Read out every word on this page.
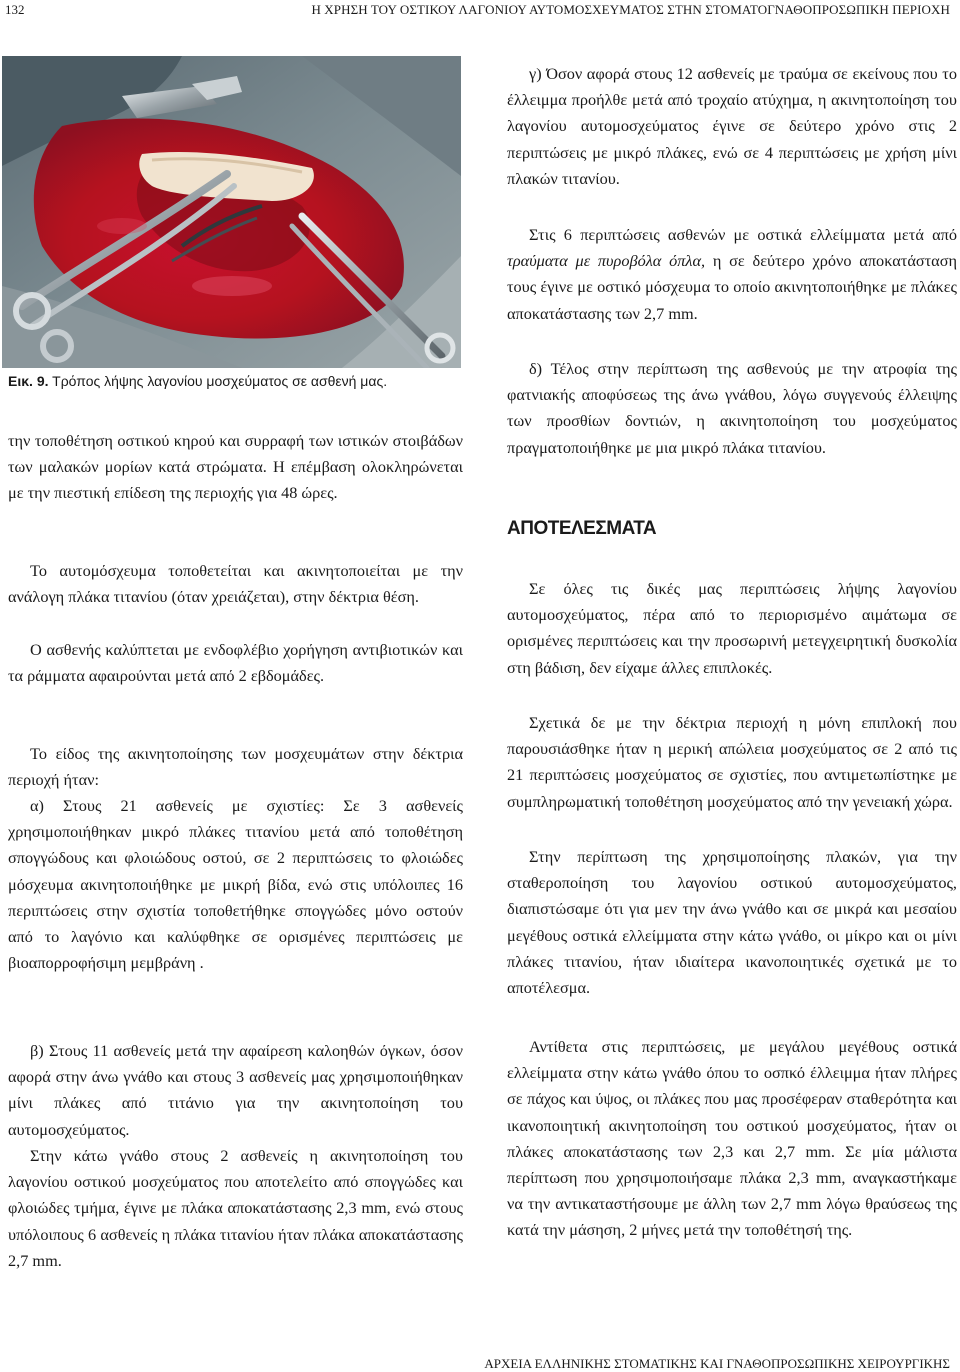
132	Η ΧΡΗΣΗ ΤΟΥ ΟΣΤΙΚΟΥ ΛΑΓΟΝΙΟΥ ΑΥΤΟΜΟΣΧΕΥΜΑΤΟΣ ΣΤΗΝ ΣΤΟΜΑΤΟΓΝΑΘΟΠΡΟΣΩΠΙΚΗ ΠΕΡΙΟΧΗ
Εικ. 9. Τρόπος λήψης λαγονίου μοσχεύματος σε ασθενή μας.

την τοποθέτηση οστικού κηρού και συρραφή των ιστικών στοιβάδων των μαλακών μορίων κατά στρώματα. Η επέμβαση ολοκληρώνεται με την πιεστική επίδεση της περιοχής για 48 ώρες.

Το αυτομόσχευμα τοποθετείται και ακινητοποιείται με την ανάλογη πλάκα τιτανίου (όταν χρειάζεται), στην δέκτρια θέση.

Ο ασθενής καλύπτεται με ενδοφλέβιο χορήγηση αντιβιοτικών και τα ράμματα αφαιρούνται μετά από 2 εβδομάδες.

Το είδος της ακινητοποίησης των μοσχευμάτων στην δέκτρια περιοχή ήταν:

α) Στους 21 ασθενείς με σχιστίες: Σε 3 ασθενείς χρησιμοποιήθηκαν μικρό πλάκες τιτανίου μετά από τοποθέτηση σπογγώδους και φλοιώδους οστού, σε 2 περιπτώσεις το φλοιώδες μόσχευμα ακινητοποιήθηκε με μικρή βίδα, ενώ στις υπόλοιπες 16 περιπτώσεις στην σχιστία τοποθετήθηκε σπογγώδες μόνο οστούν από το λαγόνιο και καλύφθηκε σε ορισμένες περιπτώσεις με βιοαπορροφήσιμη μεμβράνη .

β) Στους 11 ασθενείς μετά την αφαίρεση καλοηθών όγκων, όσον αφορά στην άνω γνάθο και στους 3 ασθενείς μας χρησιμοποιήθηκαν μίνι πλάκες από τιτάνιο για την ακινητοποίηση του αυτομοσχεύματος.

Στην κάτω γνάθο στους 2 ασθενείς η ακινητοποίηση του λαγονίου οστικού μοσχεύματος που αποτελείτο από σπογγώδες και φλοιώδες τμήμα, έγινε με πλάκα αποκατάστασης 2,3 mm, ενώ στους υπόλοιπους 6 ασθενείς η πλάκα τιτανίου ήταν πλάκα αποκατάστασης 2,7 mm.

γ) Όσον αφορά στους 12 ασθενείς με τραύμα σε εκείνους που το έλλειμμα προήλθε μετά από τροχαίο ατύχημα, η ακινητοποίηση του λαγονίου αυτομοσχεύματος έγινε σε δεύτερο χρόνο στις 2 περιπτώσεις με μικρό πλάκες, ενώ σε 4 περιπτώσεις με χρήση μίνι πλακών τιτανίου.

Στις 6 περιπτώσεις ασθενών με οστικά ελλείμματα μετά από τραύματα με πυροβόλα όπλα, η σε δεύτερο χρόνο αποκατάσταση τους έγινε με οστικό μόσχευμα το οποίο ακινητοποιήθηκε με πλάκες αποκατάστασης των 2,7 mm.

δ) Τέλος στην περίπτωση της ασθενούς με την ατροφία της φατνιακής αποφύσεως της άνω γνάθου, λόγω συγγενούς έλλειψης των προσθίων δοντιών, η ακινητοποίηση του μοσχεύματος πραγματοποιήθηκε με μια μικρό πλάκα τιτανίου.

ΑΠΟΤΕΛΕΣΜΑΤΑ

Σε όλες τις δικές μας περιπτώσεις λήψης λαγονίου αυτομοσχεύματος, πέρα από το περιορισμένο αιμάτωμα σε ορισμένες περιπτώσεις και την προσωρινή μετεγχειρητική δυσκολία στη βάδιση, δεν είχαμε άλλες επιπλοκές.

Σχετικά δε με την δέκτρια περιοχή η μόνη επιπλοκή που παρουσιάσθηκε ήταν η μερική απώλεια μοσχεύματος σε 2 από τις 21 περιπτώσεις μοσχεύματος σε σχιστίες, που αντιμετωπίστηκε με συμπληρωματική τοποθέτηση μοσχεύματος από την γενειακή χώρα.

Στην περίπτωση της χρησιμοποίησης πλακών, για την σταθεροποίηση του λαγονίου οστικού αυτομοσχεύματος, διαπιστώσαμε ότι για μεν την άνω γνάθο και σε μικρά και μεσαίου μεγέθους οστικά ελλείμματα στην κάτω γνάθο, οι μίκρο και οι μίνι πλάκες τιτανίου, ήταν ιδιαίτερα ικανοποιητικές σχετικά με το αποτέλεσμα.

Αντίθετα στις περιπτώσεις, με μεγάλου μεγέθους οστικά ελλείμματα στην κάτω γνάθο όπου το οσπκό έλλειμμα ήταν πλήρες σε πάχος και ύψος, οι πλάκες που μας προσέφεραν σταθερότητα και ικανοποιητική ακινητοποίηση του οστικού μοσχεύματος, ήταν οι πλάκες αποκατάστασης των 2,3 και 2,7 mm. Σε μία μάλιστα περίπτωση που χρησιμοποιήσαμε πλάκα 2,3 mm, αναγκαστήκαμε να την αντικαταστήσουμε με άλλη των 2,7 mm λόγω θραύσεως της κατά την μάσηση, 2 μήνες μετά την τοποθέτησή της.

ΑΡΧΕΙΑ ΕΛΛΗΝΙΚΗΣ ΣΤΟΜΑΤΙΚΗΣ ΚΑΙ ΓΝΑΘΟΠΡΟΣΩΠΙΚΗΣ ΧΕΙΡΟΥΡΓΙΚΗΣ
